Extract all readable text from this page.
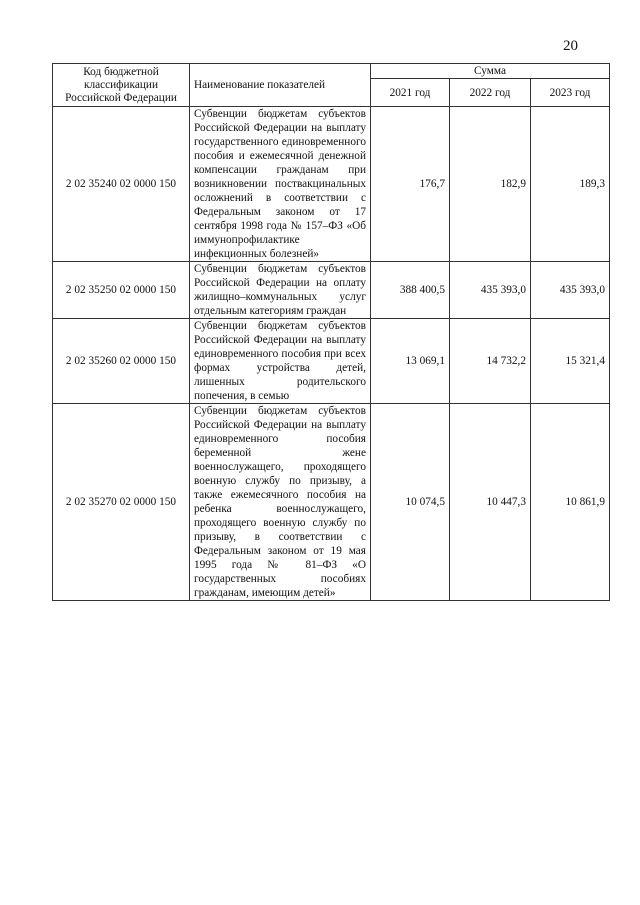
20
Код бюджетной классификации Российской Федерации	Наименование показателей	Сумма		
		2021 год	2022 год	2023 год
2 02 35240 02 0000 150	Субвенции бюджетам субъектов Российской Федерации на выплату государственного единовременного пособия и ежемесячной денежной компенсации гражданам при возникновении поствакцинальных осложнений в соответствии с Федеральным законом от 17 сентября 1998 года № 157–ФЗ «Об иммунопрофилактике инфекционных болезней»	176,7	182,9	189,3
2 02 35250 02 0000 150	Субвенции бюджетам субъектов Российской Федерации на оплату жилищно–коммунальных услуг отдельным категориям граждан	388 400,5	435 393,0	435 393,0
2 02 35260 02 0000 150	Субвенции бюджетам субъектов Российской Федерации на выплату единовременного пособия при всех формах устройства детей, лишенных родительского попечения, в семью	13 069,1	14 732,2	15 321,4
2 02 35270 02 0000 150	Субвенции бюджетам субъектов Российской Федерации на выплату единовременного пособия беременной жене военнослужащего, проходящего военную службу по призыву, а также ежемесячного пособия на ребенка военнослужащего, проходящего военную службу по призыву, в соответствии с Федеральным законом от 19 мая 1995 года № 81–ФЗ «О государственных пособиях гражданам, имеющим детей»	10 074,5	10 447,3	10 861,9
